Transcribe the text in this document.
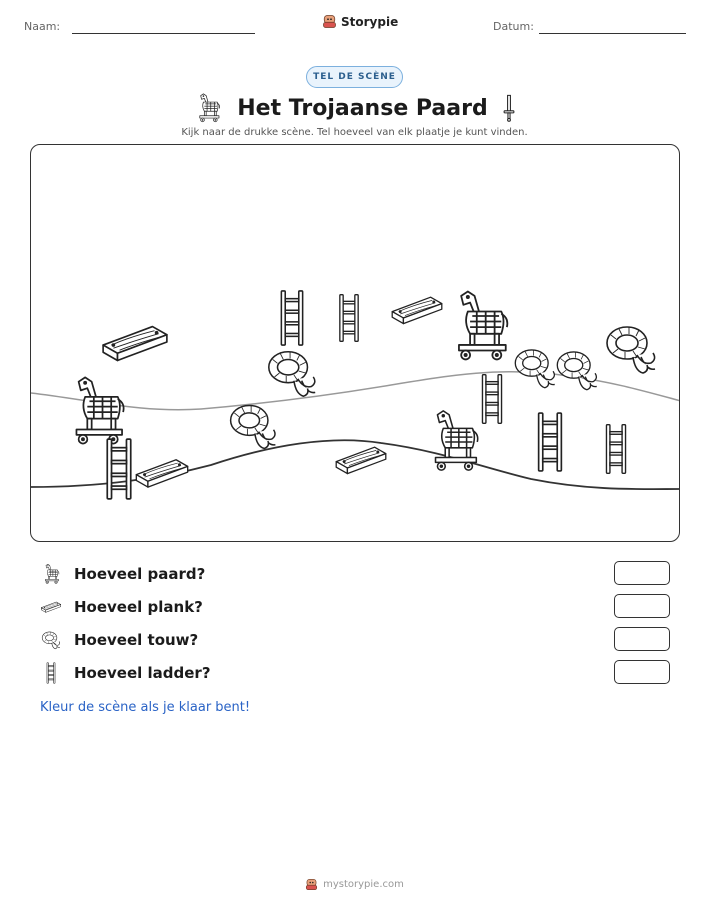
Naam:	Storypie	Datum:
TEL DE SCÈNE
Het Trojaanse Paard
Kijk naar de drukke scène. Tel hoeveel van elk plaatje je kunt vinden.
Hoeveel paard?
Hoeveel plank?
Hoeveel touw?
Hoeveel ladder?
Kleur de scène als je klaar bent!
mystorypie.com
